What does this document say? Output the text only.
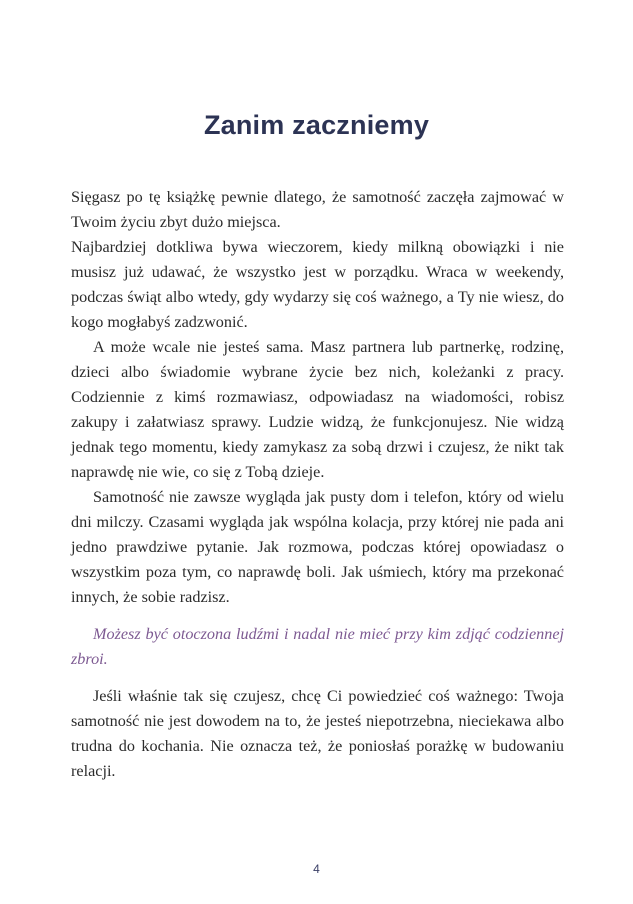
Zanim zaczniemy

Sięgasz po tę książkę pewnie dlatego, że samotność zaczęła zajmować w Twoim życiu zbyt dużo miejsca.

Najbardziej dotkliwa bywa wieczorem, kiedy milkną obowiązki i nie musisz już udawać, że wszystko jest w porządku. Wraca w weekendy, podczas świąt albo wtedy, gdy wydarzy się coś ważnego, a Ty nie wiesz, do kogo mogłabyś zadzwonić.

A może wcale nie jesteś sama. Masz partnera lub partnerkę, rodzinę, dzieci albo świadomie wybrane życie bez nich, koleżanki z pracy. Codziennie z kimś rozmawiasz, odpowiadasz na wiadomości, robisz zakupy i załatwiasz sprawy. Ludzie widzą, że funkcjonujesz. Nie widzą jednak tego momentu, kiedy zamykasz za sobą drzwi i czujesz, że nikt tak naprawdę nie wie, co się z Tobą dzieje.

Samotność nie zawsze wygląda jak pusty dom i telefon, który od wielu dni milczy. Czasami wygląda jak wspólna kolacja, przy której nie pada ani jedno prawdziwe pytanie. Jak rozmowa, podczas której opowiadasz o wszystkim poza tym, co naprawdę boli. Jak uśmiech, który ma przekonać innych, że sobie radzisz.

Możesz być otoczona ludźmi i nadal nie mieć przy kim zdjąć codziennej zbroi.

Jeśli właśnie tak się czujesz, chcę Ci powiedzieć coś ważnego: Twoja samotność nie jest dowodem na to, że jesteś niepotrzebna, nieciekawa albo trudna do kochania. Nie oznacza też, że poniosłaś porażkę w budowaniu relacji.

4
